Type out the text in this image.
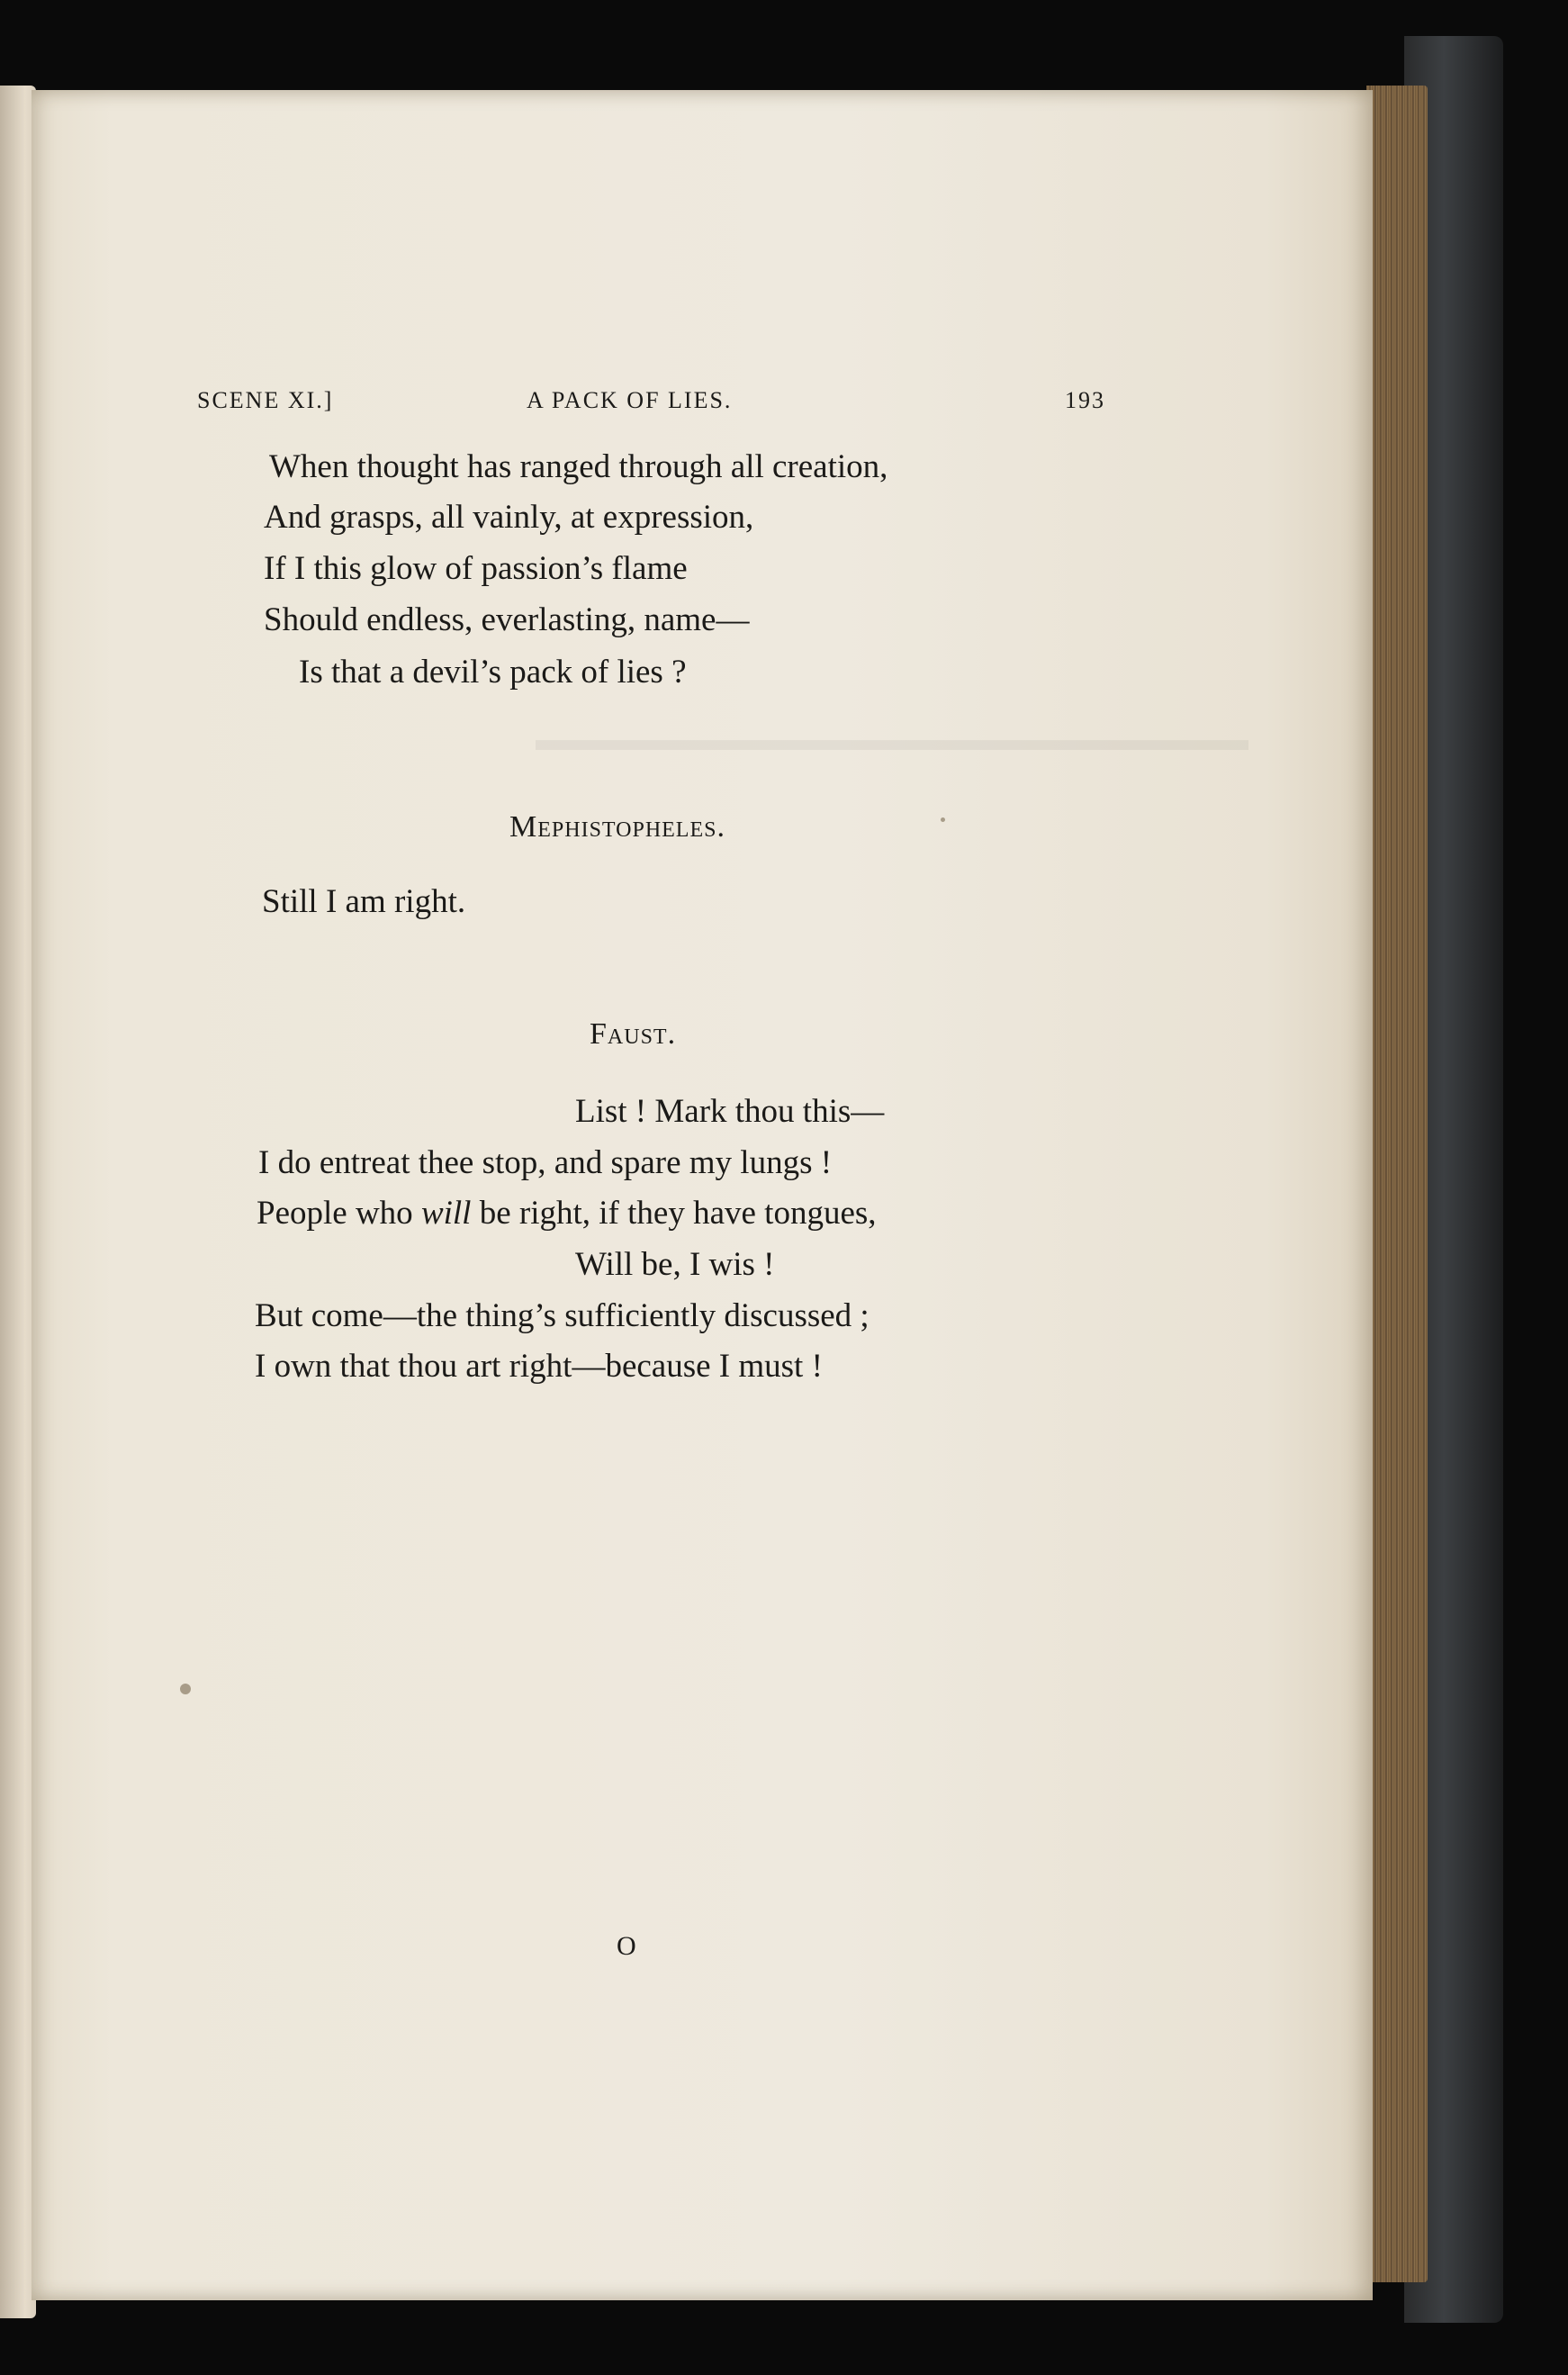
▬▬▬▬▬▬▬▬▬▬▬▬▬▬▬▬▬▬▬▬▬▬
SCENE XI.]	A PACK OF LIES.	193
When thought has ranged through all creation,
And grasps, all vainly, at expression,
If I this glow of passion’s flame
Should endless, everlasting, name—
Is that a devil’s pack of lies ?
Mephistopheles.
Still I am right.
Faust.
List ! Mark thou this—
I do entreat thee stop, and spare my lungs !
People who will be right, if they have tongues,
Will be, I wis !
But come—the thing’s sufficiently discussed ;
I own that thou art right—because I must !
O
